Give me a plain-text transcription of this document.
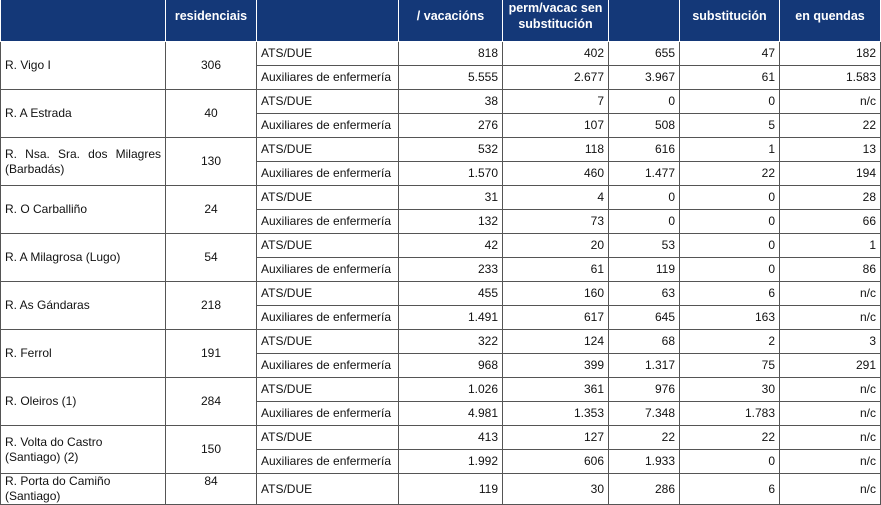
	residenciais		/ vacacións	perm/vacac sen substitución		substitución	en quendas
R. Vigo I	306	ATS/DUE	818	402	655	47	182
		Auxiliares de enfermería	5.555	2.677	3.967	61	1.583
R. A Estrada	40	ATS/DUE	38	7	0	0	n/c
		Auxiliares de enfermería	276	107	508	5	22
R. Nsa. Sra. dos Milagres (Barbadás)	130	ATS/DUE	532	118	616	1	13
		Auxiliares de enfermería	1.570	460	1.477	22	194
R. O Carballiño	24	ATS/DUE	31	4	0	0	28
		Auxiliares de enfermería	132	73	0	0	66
R. A Milagrosa (Lugo)	54	ATS/DUE	42	20	53	0	1
		Auxiliares de enfermería	233	61	119	0	86
R. As Gándaras	218	ATS/DUE	455	160	63	6	n/c
		Auxiliares de enfermería	1.491	617	645	163	n/c
R. Ferrol	191	ATS/DUE	322	124	68	2	3
		Auxiliares de enfermería	968	399	1.317	75	291
R. Oleiros (1)	284	ATS/DUE	1.026	361	976	30	n/c
		Auxiliares de enfermería	4.981	1.353	7.348	1.783	n/c
R. Volta do Castro (Santiago) (2)	150	ATS/DUE	413	127	22	22	n/c
		Auxiliares de enfermería	1.992	606	1.933	0	n/c
R. Porta do Camiño (Santiago)	84	ATS/DUE	119	30	286	6	n/c
